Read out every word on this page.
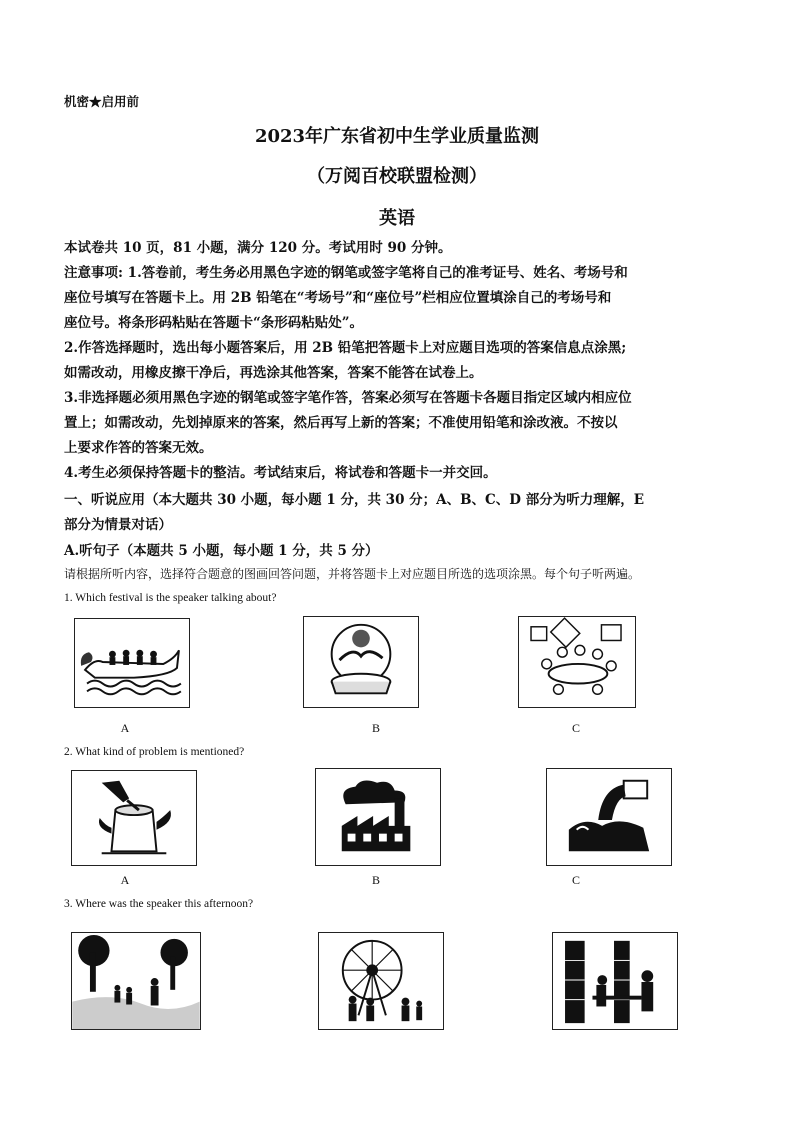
机密★启用前
2023年广东省初中生学业质量监测
（万阅百校联盟检测）
英语
本试卷共 10 页，81 小题，满分 120 分。考试用时 90 分钟。
注意事项: 1.答卷前，考生务必用黑色字迹的钢笔或签字笔将自己的准考证号、姓名、考场号和
座位号填写在答题卡上。用 2B 铅笔在“考场号”和“座位号”栏相应位置填涂自己的考场号和
座位号。将条形码粘贴在答题卡“条形码粘贴处”。
2.作答选择题时，选出每小题答案后，用 2B 铅笔把答题卡上对应题目选项的答案信息点涂黑;
如需改动，用橡皮擦干净后，再选涂其他答案，答案不能答在试卷上。
3.非选择题必须用黑色字迹的钢笔或签字笔作答，答案必须写在答题卡各题目指定区域内相应位
置上；如需改动，先划掉原来的答案，然后再写上新的答案；不准使用铅笔和涂改液。不按以
上要求作答的答案无效。
4.考生必须保持答题卡的整洁。考试结束后，将试卷和答题卡一并交回。
一、听说应用（本大题共 30 小题，每小题 1 分，共 30 分；A、B、C、D 部分为听力理解，E
部分为情景对话）
A.听句子（本题共 5 小题，每小题 1 分，共 5 分）
请根据所听内容，选择符合题意的图画回答问题，并将答题卡上对应题目所选的选项涂黑。每个句子听两遍。
1. Which festival is the speaker talking about?
A	B	C
2. What kind of problem is mentioned?
A	B	C
3. Where was the speaker this afternoon?
